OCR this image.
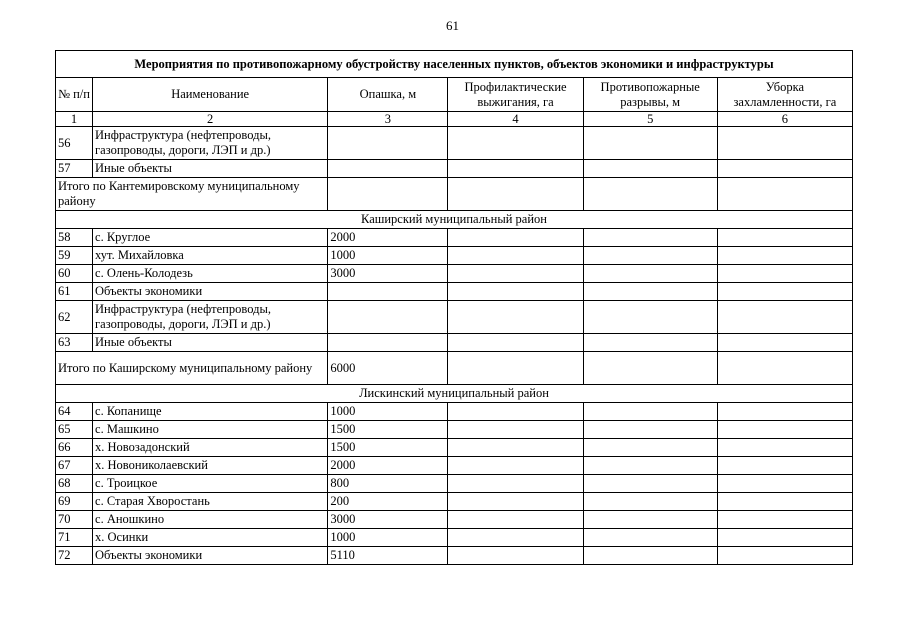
61
Мероприятия по противопожарному обустройству населенных пунктов, объектов экономики и инфраструктуры					
№ п/п	Наименование	Опашка, м	Профилактические выжигания, га	Противопожарные разрывы, м	Уборка захламленности, га
1	2	3	4	5	6
56	Инфраструктура (нефтепроводы, газопроводы, дороги, ЛЭП и др.)				
57	Иные объекты				
Итого по Кантемировскому муниципальному району					
Каширский муниципальный район					
58	с. Круглое	2000			
59	хут. Михайловка	1000			
60	с. Олень-Колодезь	3000			
61	Объекты экономики				
62	Инфраструктура (нефтепроводы, газопроводы, дороги, ЛЭП и др.)				
63	Иные объекты				
Итого по Каширскому муниципальному району		6000			
Лискинский муниципальный район					
64	с. Копанище	1000			
65	с. Машкино	1500			
66	х. Новозадонский	1500			
67	х. Новониколаевский	2000			
68	с. Троицкое	800			
69	с. Старая Хворостань	200			
70	с. Аношкино	3000			
71	х. Осинки	1000			
72	Объекты экономики	5110			
